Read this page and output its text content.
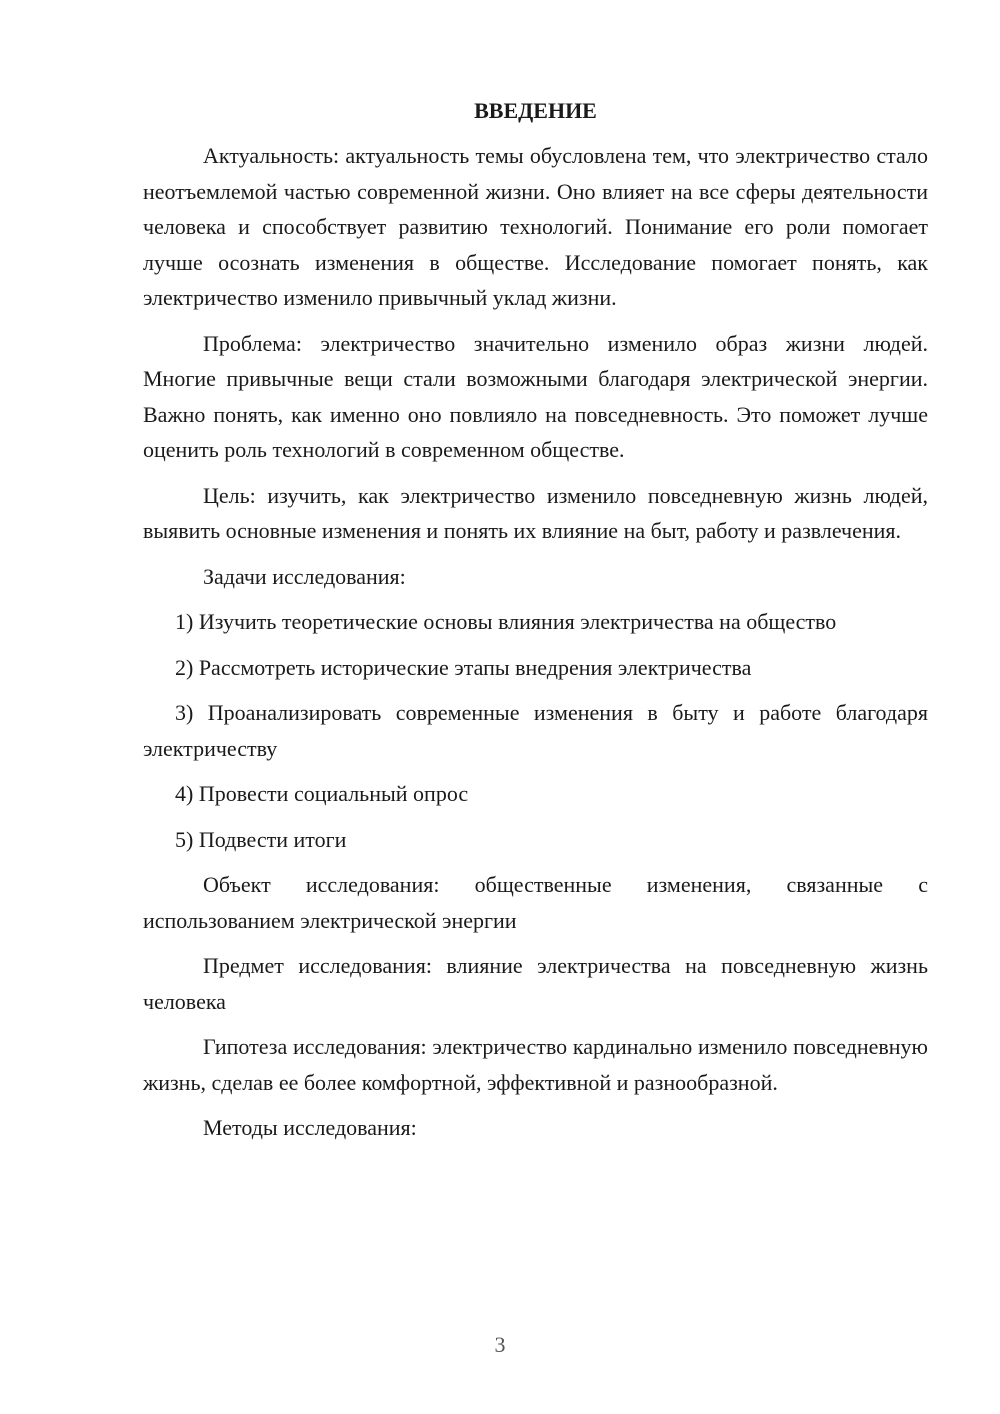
ВВЕДЕНИЕ

Актуальность: актуальность темы обусловлена тем, что электричество стало неотъемлемой частью современной жизни. Оно влияет на все сферы деятельности человека и способствует развитию технологий. Понимание его роли помогает лучше осознать изменения в обществе. Исследование помогает понять, как электричество изменило привычный уклад жизни.

Проблема: электричество значительно изменило образ жизни людей. Многие привычные вещи стали возможными благодаря электрической энергии. Важно понять, как именно оно повлияло на повседневность. Это поможет лучше оценить роль технологий в современном обществе.

Цель: изучить, как электричество изменило повседневную жизнь людей, выявить основные изменения и понять их влияние на быт, работу и развлечения.

Задачи исследования:

1) Изучить теоретические основы влияния электричества на общество

2) Рассмотреть исторические этапы внедрения электричества

3) Проанализировать современные изменения в быту и работе благодаря электричеству

4) Провести социальный опрос

5) Подвести итоги

Объект исследования: общественные изменения, связанные с использованием электрической энергии

Предмет исследования: влияние электричества на повседневную жизнь человека

Гипотеза исследования: электричество кардинально изменило повседневную жизнь, сделав ее более комфортной, эффективной и разнообразной.

Методы исследования:

3
